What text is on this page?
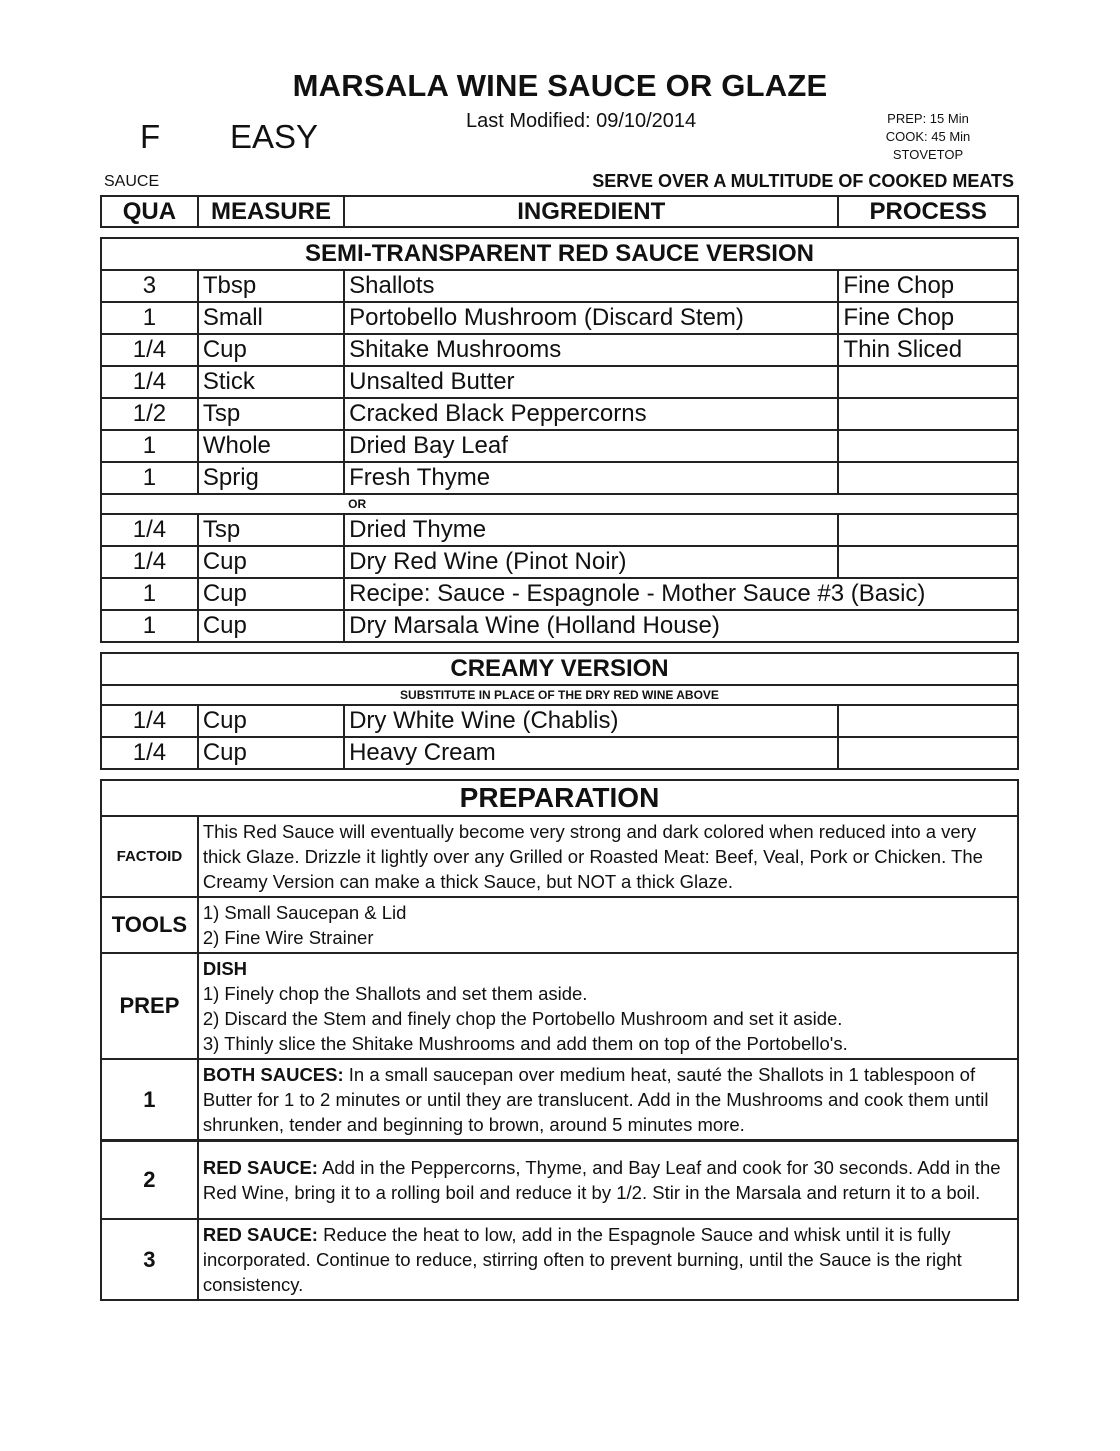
MARSALA WINE SAUCE OR GLAZE
F EASY	Last Modified: 09/10/2014	PREP: 15 Min
COOK: 45 Min
STOVETOP
SAUCE	SERVE OVER A MULTITUDE OF COOKED MEATS
QUA	MEASURE	INGREDIENT	PROCESS
SEMI-TRANSPARENT RED SAUCE VERSION			
3	Tbsp	Shallots	Fine Chop
1	Small	Portobello Mushroom (Discard Stem)	Fine Chop
1/4	Cup	Shitake Mushrooms	Thin Sliced
1/4	Stick	Unsalted Butter	
1/2	Tsp	Cracked Black Peppercorns	
1	Whole	Dried Bay Leaf	
1	Sprig	Fresh Thyme	
		OR	
1/4	Tsp	Dried Thyme	
1/4	Cup	Dry Red Wine (Pinot Noir)	
1	Cup	Recipe: Sauce - Espagnole - Mother Sauce #3 (Basic)	
1	Cup	Dry Marsala Wine (Holland House)	
CREAMY VERSION			
SUBSTITUTE IN PLACE OF THE DRY RED WINE ABOVE			
1/4	Cup	Dry White Wine (Chablis)	
1/4	Cup	Heavy Cream	
PREPARATION	
FACTOID	This Red Sauce will eventually become very strong and dark colored when reduced into a very thick Glaze. Drizzle it lightly over any Grilled or Roasted Meat: Beef, Veal, Pork or Chicken. The Creamy Version can make a thick Sauce, but NOT a thick Glaze.
TOOLS	1) Small Saucepan & Lid
2) Fine Wire Strainer

PREP	DISH
1) Finely chop the Shallots and set them aside.
2) Discard the Stem and finely chop the Portobello Mushroom and set it aside.
3) Thinly slice the Shitake Mushrooms and add them on top of the Portobello's.

1	BOTH SAUCES: In a small saucepan over medium heat, sauté the Shallots in 1 tablespoon of Butter for 1 to 2 minutes or until they are translucent. Add in the Mushrooms and cook them until shrunken, tender and beginning to brown, around 5 minutes more.
2	RED SAUCE: Add in the Peppercorns, Thyme, and Bay Leaf and cook for 30 seconds. Add in the Red Wine, bring it to a rolling boil and reduce it by 1/2. Stir in the Marsala and return it to a boil.
3	RED SAUCE: Reduce the heat to low, add in the Espagnole Sauce and whisk until it is fully incorporated. Continue to reduce, stirring often to prevent burning, until the Sauce is the right consistency.
